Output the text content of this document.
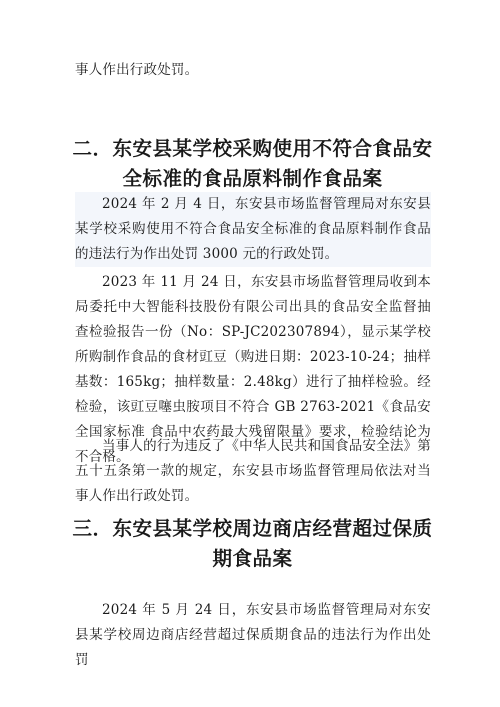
事人作出行政处罚。

二．东安县某学校采购使用不符合食品安全标准的食品原料制作食品案

2024 年 2 月 4 日，东安县市场监督管理局对东安县某学校采购使用不符合食品安全标准的食品原料制作食品的违法行为作出处罚 3000 元的行政处罚。

2023 年 11 月 24 日，东安县市场监督管理局收到本局委托中大智能科技股份有限公司出具的食品安全监督抽查检验报告一份（No：SP-JC202307894），显示某学校所购制作食品的食材豇豆（购进日期：2023-10-24；抽样基数：165kg；抽样数量：2.48kg）进行了抽样检验。经检验，该豇豆噻虫胺项目不符合 GB 2763-2021《食品安全国家标准 食品中农药最大残留限量》要求，检验结论为不合格。

当事人的行为违反了《中华人民共和国食品安全法》第五十五条第一款的规定，东安县市场监督管理局依法对当事人作出行政处罚。

三．东安县某学校周边商店经营超过保质期食品案

2024 年 5 月 24 日，东安县市场监督管理局对东安县某学校周边商店经营超过保质期食品的违法行为作出处罚
